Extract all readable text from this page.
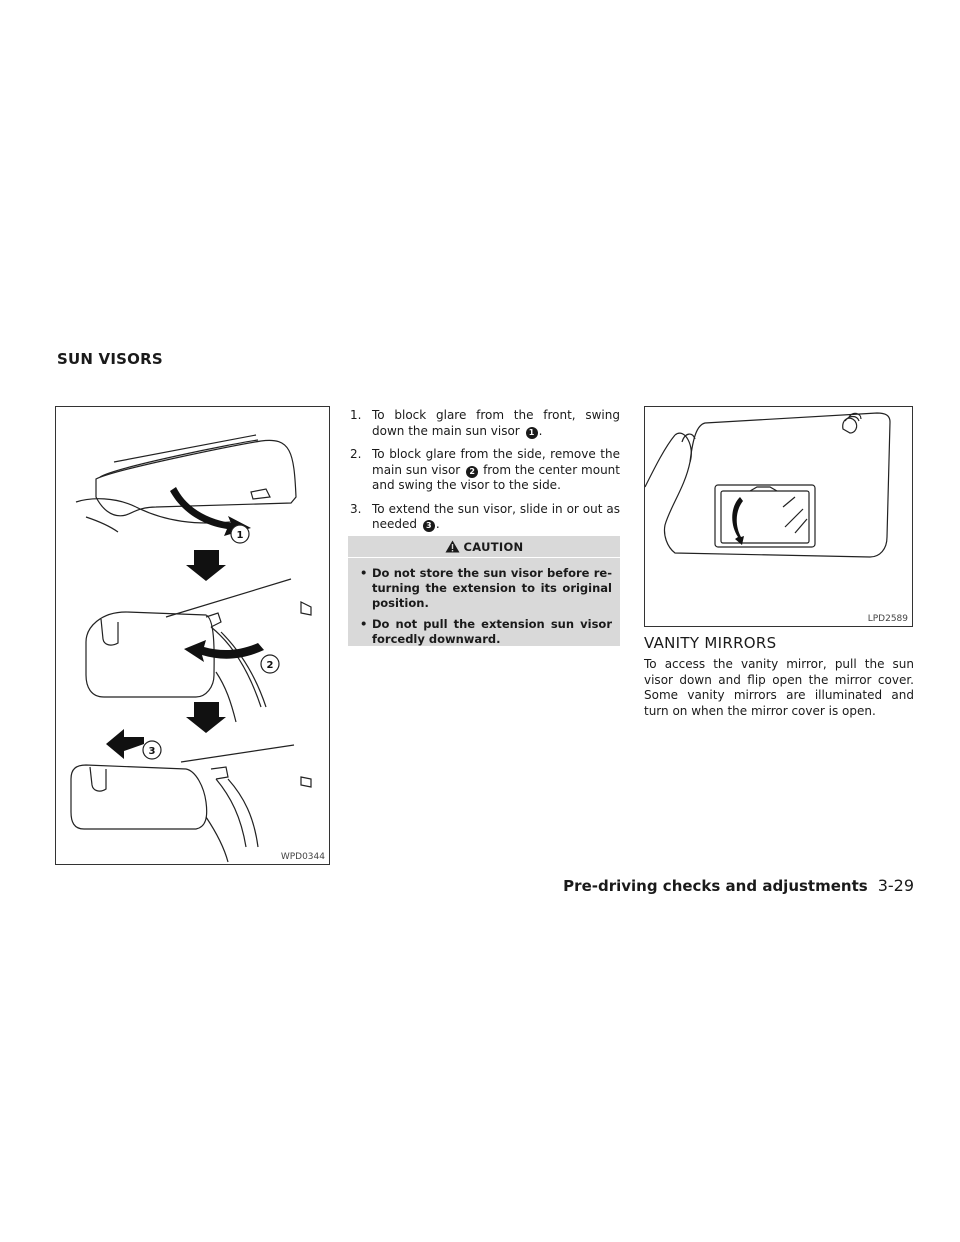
SUN VISORS
1
2
3
WPD0344
1. To block glare from the front, swing down the main sun visor 1 .
2. To block glare from the side, remove the main sun visor 2 from the center mount and swing the visor to the side.
3. To extend the sun visor, slide in or out as needed 3 .
CAUTION
• Do not store the sun visor before re-turning the extension to its original position.
• Do not pull the extension sun visor forcedly downward.
LPD2589
VANITY MIRRORS
To access the vanity mirror, pull the sun visor down and flip open the mirror cover. Some vanity mirrors are illuminated and turn on when the mirror cover is open.
Pre-driving checks and adjustments 3-29
